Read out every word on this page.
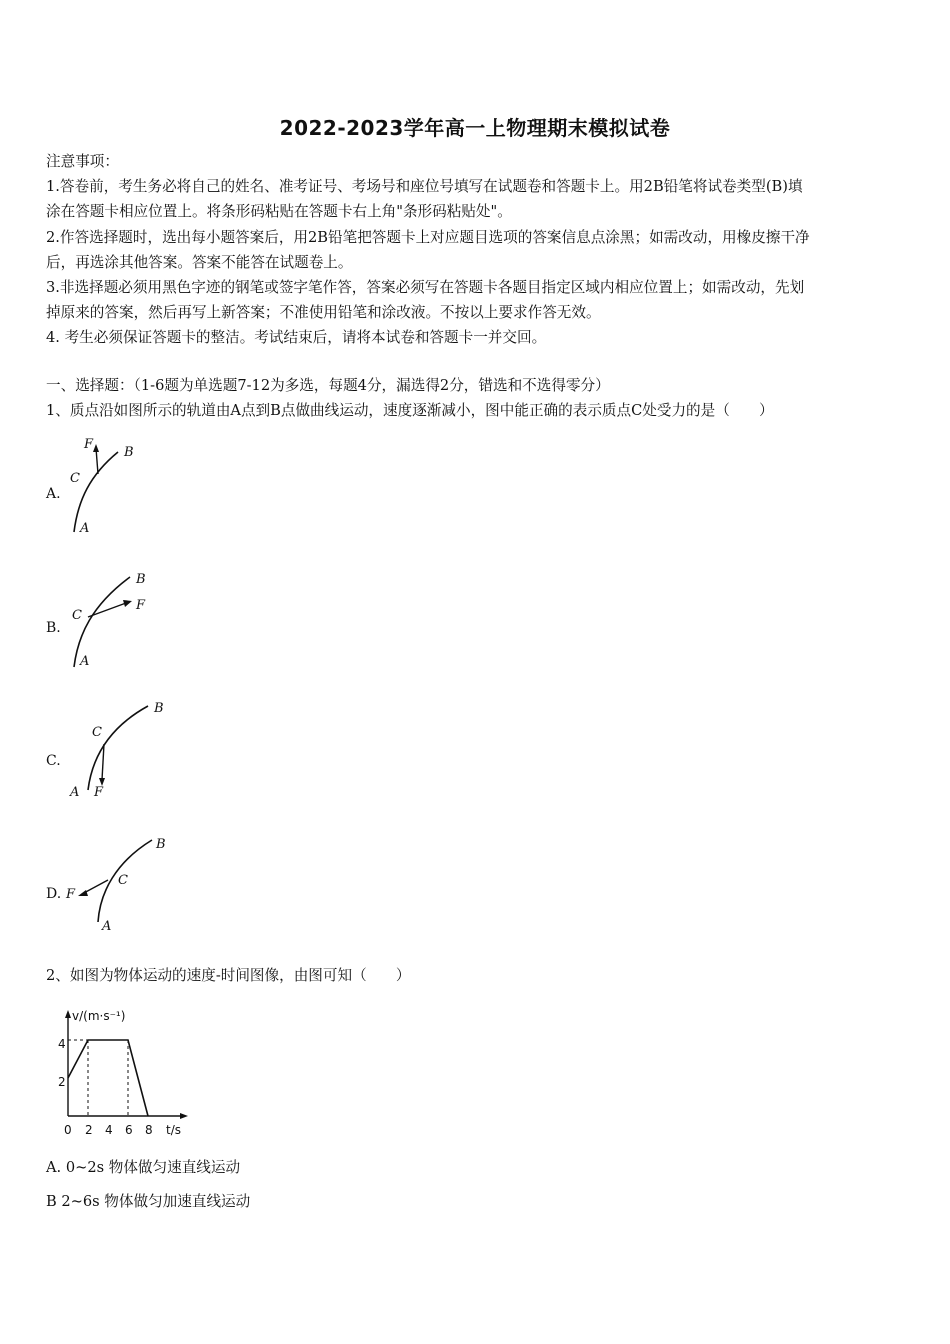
2022-2023学年高一上物理期末模拟试卷
注意事项：
1.答卷前，考生务必将自己的姓名、准考证号、考场号和座位号填写在试题卷和答题卡上。用2B铅笔将试卷类型(B)填
涂在答题卡相应位置上。将条形码粘贴在答题卡右上角"条形码粘贴处"。
2.作答选择题时，选出每小题答案后，用2B铅笔把答题卡上对应题目选项的答案信息点涂黑；如需改动，用橡皮擦干净
后，再选涂其他答案。答案不能答在试题卷上。
3.非选择题必须用黑色字迹的钢笔或签字笔作答，答案必须写在答题卡各题目指定区域内相应位置上；如需改动，先划
掉原来的答案，然后再写上新答案；不准使用铅笔和涂改液。不按以上要求作答无效。
4. 考生必须保证答题卡的整洁。考试结束后，请将本试卷和答题卡一并交回。
一、选择题：（1-6题为单选题7-12为多选，每题4分，漏选得2分，错选和不选得零分）
1、质点沿如图所示的轨道由A点到B点做曲线运动，速度逐渐减小，图中能正确的表示质点C处受力的是（　　）
A.
F
B
C
A
B.
B
F
C
A
C.
B
C
A F
D.
B
C
F
A
2、如图为物体运动的速度-时间图像，由图可知（　　）
v/(m·s⁻¹)
t/s
4
2
0 2 4 6 8
A. 0~2s 物体做匀速直线运动
B 2~6s 物体做匀加速直线运动
